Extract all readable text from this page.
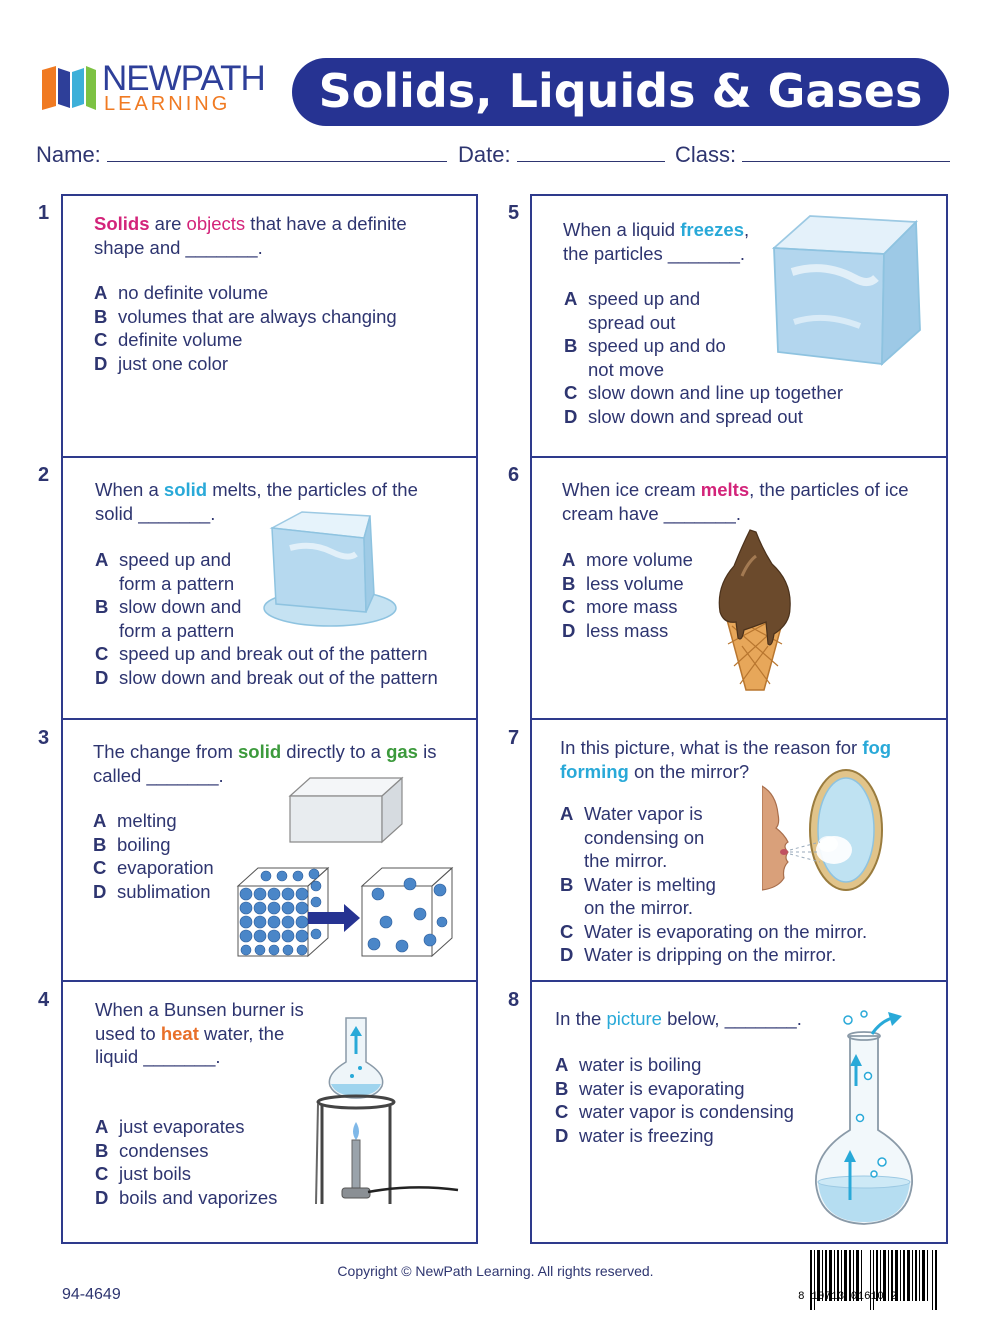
NEWPATH
LEARNING	Solids, Liquids & Gases
Name:	Date:	Class:
1 Solids are objects that have a definite shape and _______.
A no definite volume
B volumes that are always changing
C definite volume
D just one color
2
When a solid melts, the particles of the solid _______.
A speed up and form a pattern
B slow down and form a pattern
C speed up and break out of the pattern
D slow down and break out of the pattern
3
The change from solid directly to a gas is called _______.
A melting
B boiling
C evaporation
D sublimation
4 When a Bunsen burner is used to heat water, the liquid _______.
A just evaporates
B condenses
C just boils
D boils and vaporizes
5
When a liquid freezes, the particles _______.
A speed up and spread out
B speed up and do not move
C slow down and line up together
D slow down and spread out
6
When ice cream melts, the particles of ice cream have _______.
A more volume
B less volume
C more mass
D less mass
7 In this picture, what is the reason for fog forming on the mirror?
A Water vapor is condensing on the mirror.
B Water is melting on the mirror.
C Water is evaporating on the mirror.
D Water is dripping on the mirror.
8
In the picture below, _______.
A water is boiling
B water is evaporating
C water vapor is condensing
D water is freezing
Copyright © NewPath Learning. All rights reserved.
94-4649	8 10713 01610 2
